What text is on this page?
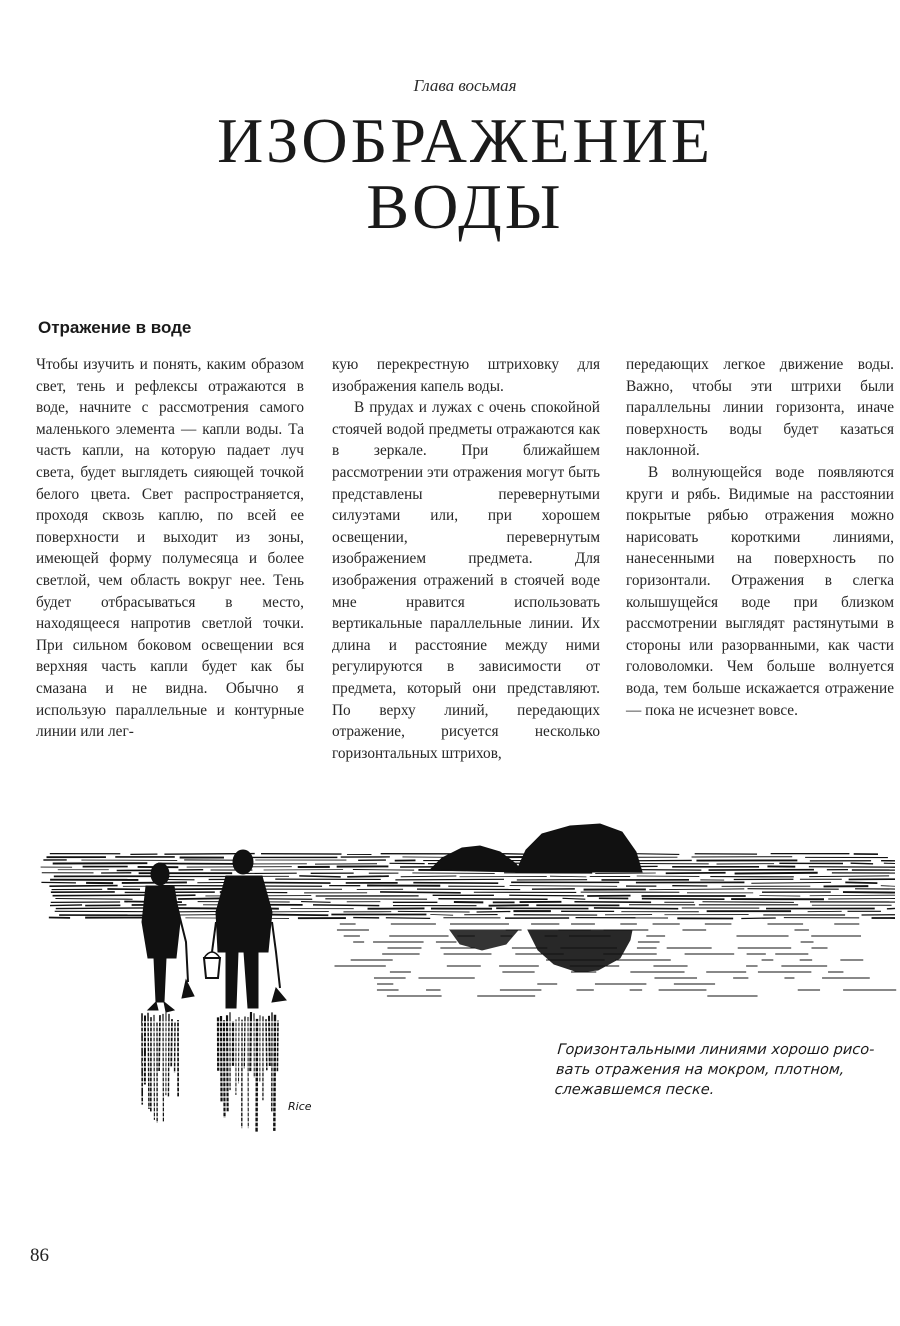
Глава восьмая
ИЗОБРАЖЕНИЕ
ВОДЫ
Отражение в воде

Чтобы изучить и понять, каким образом свет, тень и рефлексы отражаются в воде, начните с рассмотрения самого маленького элемента — капли воды. Та часть капли, на которую падает луч света, будет выглядеть сияющей точкой белого цвета. Свет распространяется, проходя сквозь каплю, по всей ее поверхности и выходит из зоны, имеющей форму полумесяца и более светлой, чем область вокруг нее. Тень будет отбрасываться в место, находящееся напротив светлой точки. При сильном боковом освещении вся верхняя часть капли будет как бы смазана и не видна. Обычно я использую параллельные и контурные линии или лег-

кую перекрестную штриховку для изображения капель воды.

В прудах и лужах с очень спокойной стоячей водой предметы отражаются как в зеркале. При ближайшем рассмотрении эти отражения могут быть представлены перевернутыми силуэтами или, при хорошем освещении, перевернутым изображением предмета. Для изображения отражений в стоячей воде мне нравится использовать вертикальные параллельные линии. Их длина и расстояние между ними регулируются в зависимости от предмета, который они представляют. По верху линий, передающих отражение, рисуется несколько горизонтальных штрихов,

передающих легкое движение воды. Важно, чтобы эти штрихи были параллельны линии горизонта, иначе поверхность воды будет казаться наклонной.

В волнующейся воде появляются круги и рябь. Видимые на расстоянии покрытые рябью отражения можно нарисовать короткими линиями, нанесенными на поверхность по горизонтали. Отражения в слегка колышущейся воде при близком рассмотрении выглядят растянутыми в стороны или разорванными, как части головоломки. Чем больше волнуется вода, тем больше искажается отражение — пока не исчезнет вовсе.

Rice
Горизонтальными линиями хорошо рисо-
вать отражения на мокром, плотном,
слежавшемся песке.
86
